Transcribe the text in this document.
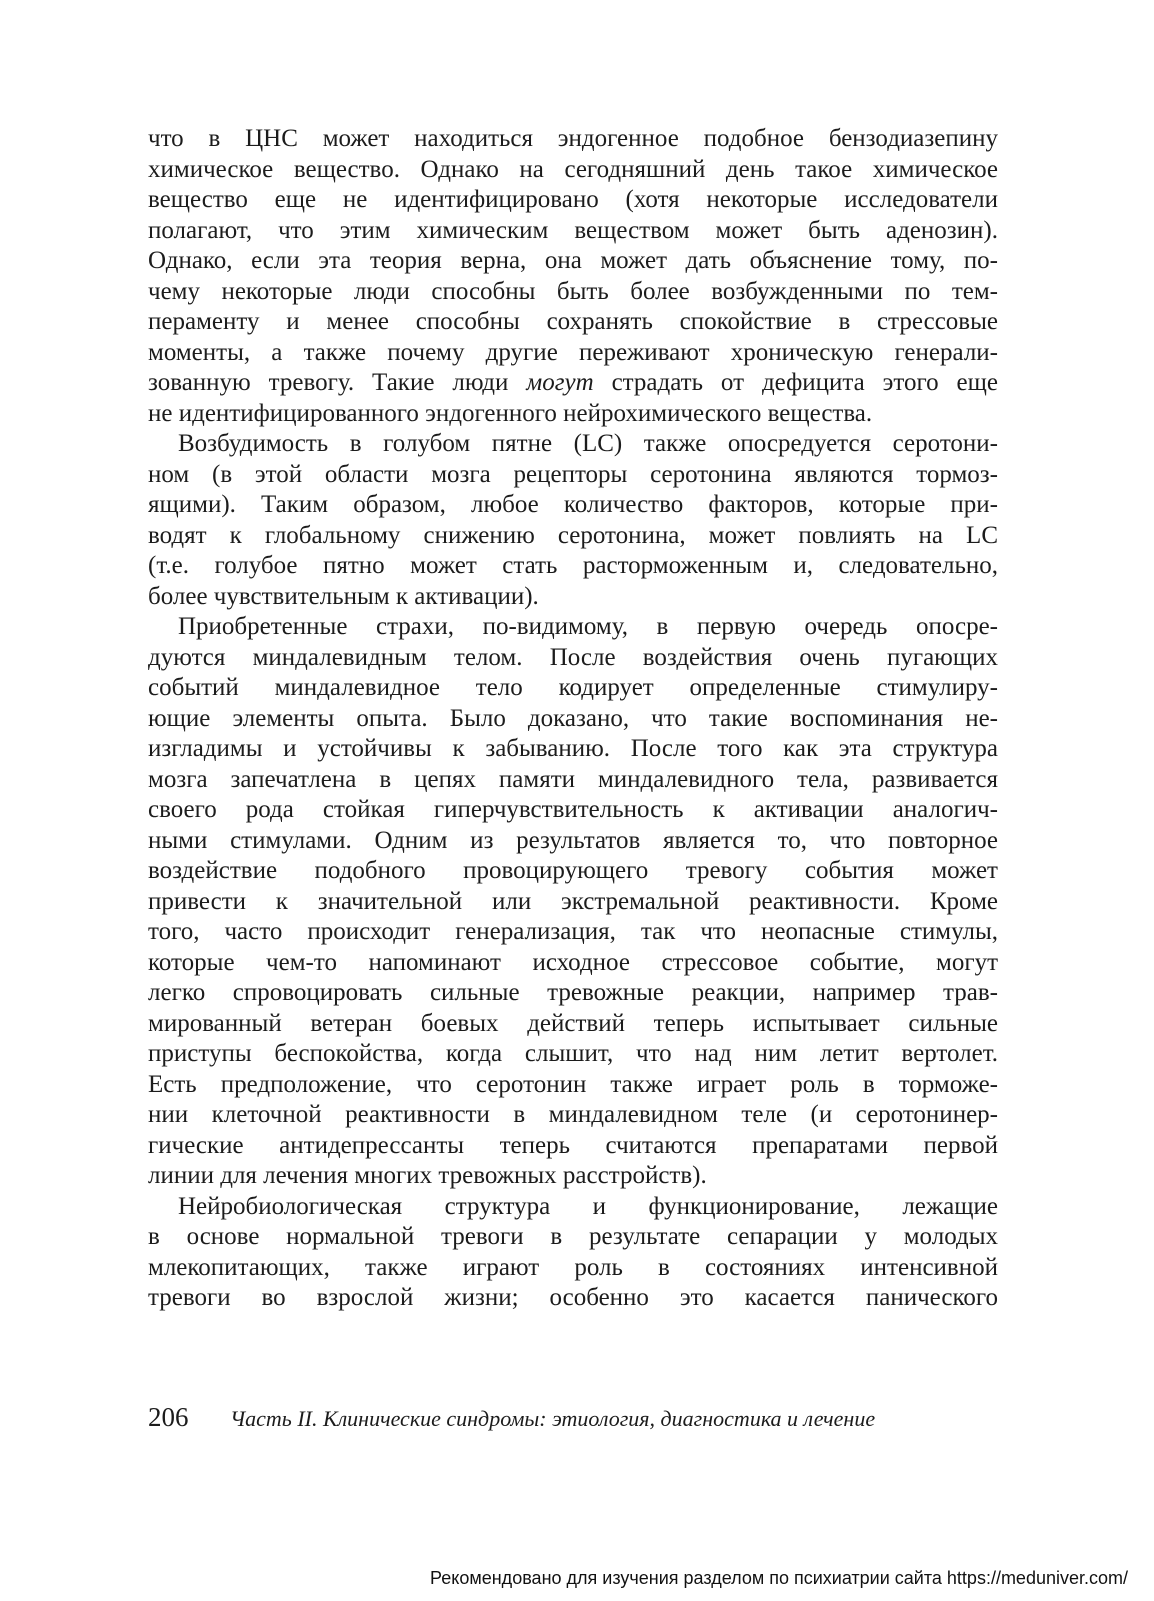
что в ЦНС может находиться эндогенное подобное бензодиазепину
химическое вещество. Однако на сегодняшний день такое химическое
вещество еще не идентифицировано (хотя некоторые исследователи
полагают, что этим химическим веществом может быть аденозин).
Однако, если эта теория верна, она может дать объяснение тому, по-
чему некоторые люди способны быть более возбужденными по тем-
пераменту и менее способны сохранять спокойствие в стрессовые
моменты, а также почему другие переживают хроническую генерали-
зованную тревогу. Такие люди могут страдать от дефицита этого еще
не идентифицированного эндогенного нейрохимического вещества.
Возбудимость в голубом пятне (LC) также опосредуется серотони-
ном (в этой области мозга рецепторы серотонина являются тормоз-
ящими). Таким образом, любое количество факторов, которые при-
водят к глобальному снижению серотонина, может повлиять на LC
(т.е. голубое пятно может стать расторможенным и, следовательно,
более чувствительным к активации).
Приобретенные страхи, по-видимому, в первую очередь опосре-
дуются миндалевидным телом. После воздействия очень пугающих
событий миндалевидное тело кодирует определенные стимулиру-
ющие элементы опыта. Было доказано, что такие воспоминания не-
изгладимы и устойчивы к забыванию. После того как эта структура
мозга запечатлена в цепях памяти миндалевидного тела, развивается
своего рода стойкая гиперчувствительность к активации аналогич-
ными стимулами. Одним из результатов является то, что повторное
воздействие подобного провоцирующего тревогу события может
привести к значительной или экстремальной реактивности. Кроме
того, часто происходит генерализация, так что неопасные стимулы,
которые чем-то напоминают исходное стрессовое событие, могут
легко спровоцировать сильные тревожные реакции, например трав-
мированный ветеран боевых действий теперь испытывает сильные
приступы беспокойства, когда слышит, что над ним летит вертолет.
Есть предположение, что серотонин также играет роль в торможе-
нии клеточной реактивности в миндалевидном теле (и серотонинер-
гические антидепрессанты теперь считаются препаратами первой
линии для лечения многих тревожных расстройств).
Нейробиологическая структура и функционирование, лежащие
в основе нормальной тревоги в результате сепарации у молодых
млекопитающих, также играют роль в состояниях интенсивной
тревоги во взрослой жизни; особенно это касается панического
206 Часть II. Клинические синдромы: этиология, диагностика и лечение
Рекомендовано для изучения разделом по психиатрии сайта https://meduniver.com/
